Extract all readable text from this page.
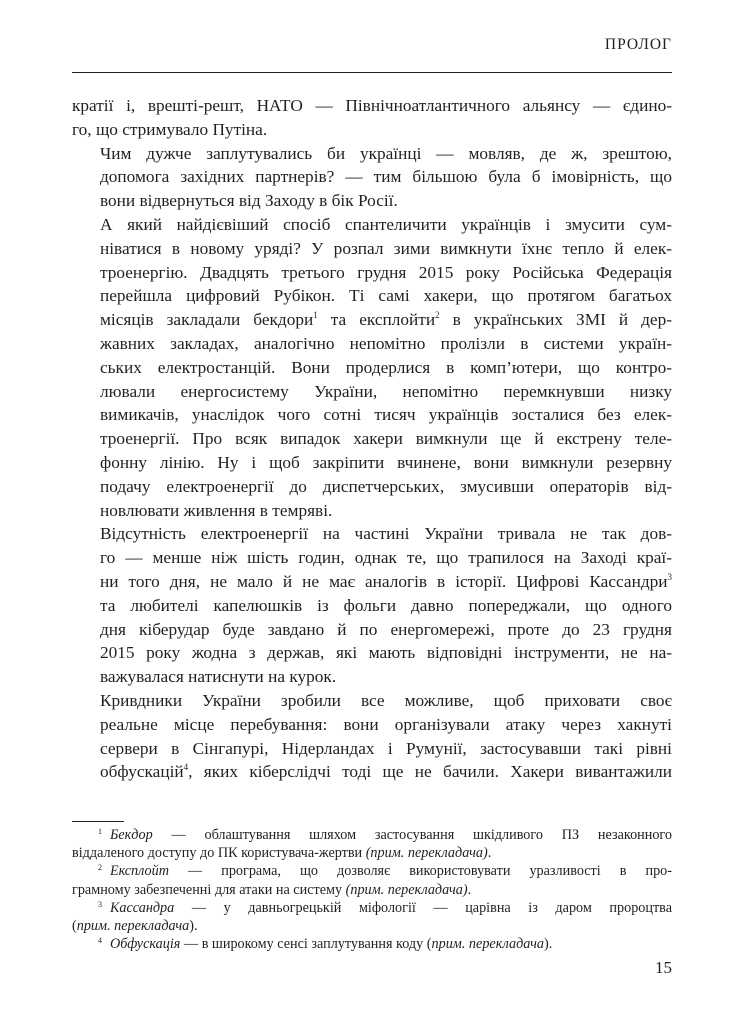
ПРОЛОГ

кратії і, врешті-решт, НАТО — Північноатлантичного альянсу — єдино-
го, що стримувало Путіна.

Чим дужче заплутувались би українці — мовляв, де ж, зрештою,
допомога західних партнерів? — тим більшою була б імовірність, що
вони відвернуться від Заходу в бік Росії.

А який найдієвіший спосіб спантеличити українців і змусити сум-
ніватися в новому уряді? У розпал зими вимкнути їхнє тепло й елек-
троенергію. Двадцять третього грудня 2015 року Російська Федерація
перейшла цифровий Рубікон. Ті самі хакери, що протягом багатьох
місяців закладали бекдори$^1$ та експлойти$^2$ в українських ЗМІ й дер-
жавних закладах, аналогічно непомітно пролізли в системи україн-
ських електростанцій. Вони продерлися в комп’ютери, що контро-
лювали енергосистему України, непомітно перемкнувши низку
вимикачів, унаслідок чого сотні тисяч українців зосталися без елек-
троенергії. Про всяк випадок хакери вимкнули ще й екстрену теле-
фонну лінію. Ну і щоб закріпити вчинене, вони вимкнули резервну
подачу електроенергії до диспетчерських, змусивши операторів від-
новлювати живлення в темряві.

Відсутність електроенергії на частині України тривала не так дов-
го — менше ніж шість годин, однак те, що трапилося на Заході краї-
ни того дня, не мало й не має аналогів в історії. Цифрові Кассандри$^3$
та любителі капелюшків із фольги давно попереджали, що одного
дня кіберудар буде завдано й по енергомережі, проте до 23 грудня
2015 року жодна з держав, які мають відповідні інструменти, не на-
важувалася натиснути на курок.

Кривдники України зробили все можливе, щоб приховати своє
реальне місце перебування: вони організували атаку через хакнуті
сервери в Сінгапурі, Нідерландах і Румунії, застосувавши такі рівні
обфускацій$^4$, яких кіберслідчі тоді ще не бачили. Хакери вивантажили

$^1$ Бекдор — облаштування шляхом застосування шкідливого ПЗ незаконного
віддаленого доступу до ПК користувача-жертви (прим. перекладача).
$^2$ Експлойт — програма, що дозволяє використовувати уразливості в про-
грамному забезпеченні для атаки на систему (прим. перекладача).
$^3$ Кассандра — у давньогрецькій міфології — царівна із даром пророцтва
(прим. перекладача).
$^4$ Обфускація — в широкому сенсі заплутування коду (прим. перекладача).
15
